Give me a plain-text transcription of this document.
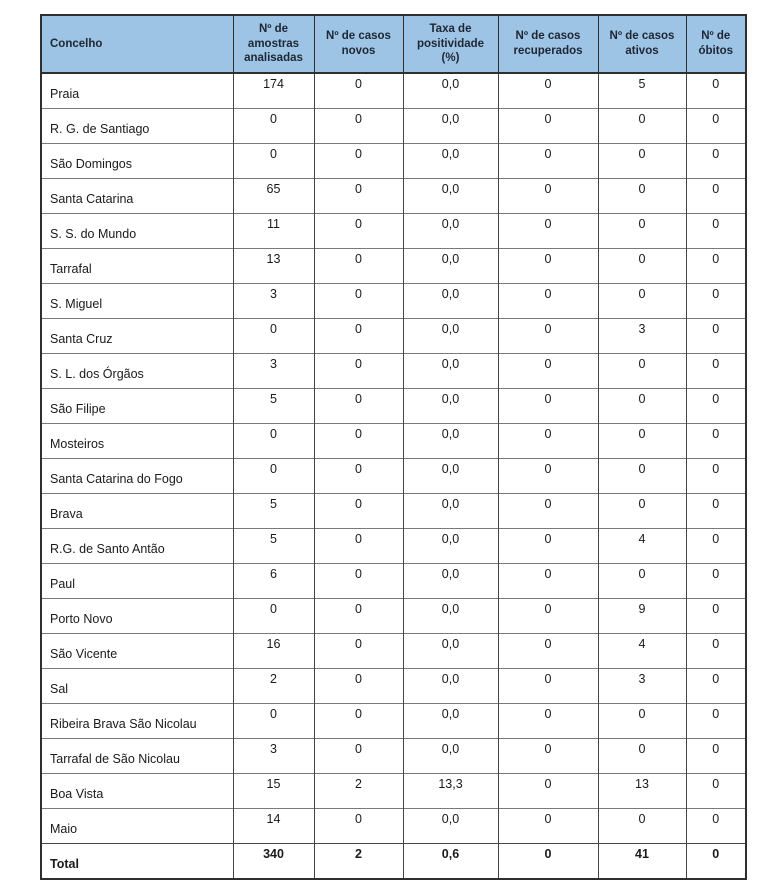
Concelho	Nº de amostras analisadas	Nº de casos novos	Taxa de positividade (%)	Nº de casos recuperados	Nº de casos ativos	Nº de óbitos
Praia	174	0	0,0	0	5	0
R. G. de Santiago	0	0	0,0	0	0	0
São Domingos	0	0	0,0	0	0	0
Santa Catarina	65	0	0,0	0	0	0
S. S. do Mundo	11	0	0,0	0	0	0
Tarrafal	13	0	0,0	0	0	0
S. Miguel	3	0	0,0	0	0	0
Santa Cruz	0	0	0,0	0	3	0
S. L. dos Órgãos	3	0	0,0	0	0	0
São Filipe	5	0	0,0	0	0	0
Mosteiros	0	0	0,0	0	0	0
Santa Catarina do Fogo	0	0	0,0	0	0	0
Brava	5	0	0,0	0	0	0
R.G. de Santo Antão	5	0	0,0	0	4	0
Paul	6	0	0,0	0	0	0
Porto Novo	0	0	0,0	0	9	0
São Vicente	16	0	0,0	0	4	0
Sal	2	0	0,0	0	3	0
Ribeira Brava São Nicolau	0	0	0,0	0	0	0
Tarrafal de São Nicolau	3	0	0,0	0	0	0
Boa Vista	15	2	13,3	0	13	0
Maio	14	0	0,0	0	0	0
Total	340	2	0,6	0	41	0
